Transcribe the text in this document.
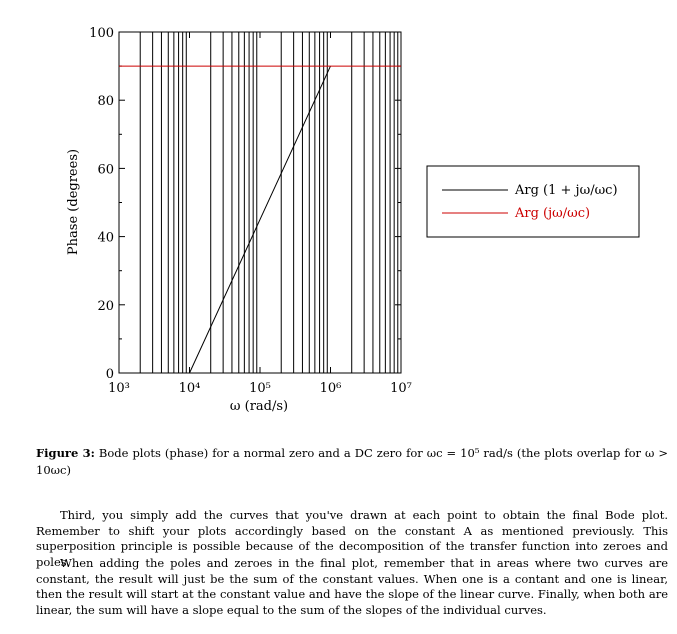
10³	10⁴	10⁵	10⁶	10⁷
0
20
40
60
80
100
ω (rad/s)
Phase (degrees)	Arg (1 + jω/ωc)
Arg (jω/ωc)
Figure 3: Bode plots (phase) for a normal zero and a DC zero for ωc = 10⁵ rad/s (the plots overlap for ω > 10ωc)

Third, you simply add the curves that you've drawn at each point to obtain the final Bode plot. Remember to shift your plots accordingly based on the constant A as mentioned previously. This superposition principle is possible because of the decomposition of the transfer function into zeroes and poles.

When adding the poles and zeroes in the final plot, remember that in areas where two curves are constant, the result will just be the sum of the constant values. When one is a contant and one is linear, then the result will start at the constant value and have the slope of the linear curve. Finally, when both are linear, the sum will have a slope equal to the sum of the slopes of the individual curves.
